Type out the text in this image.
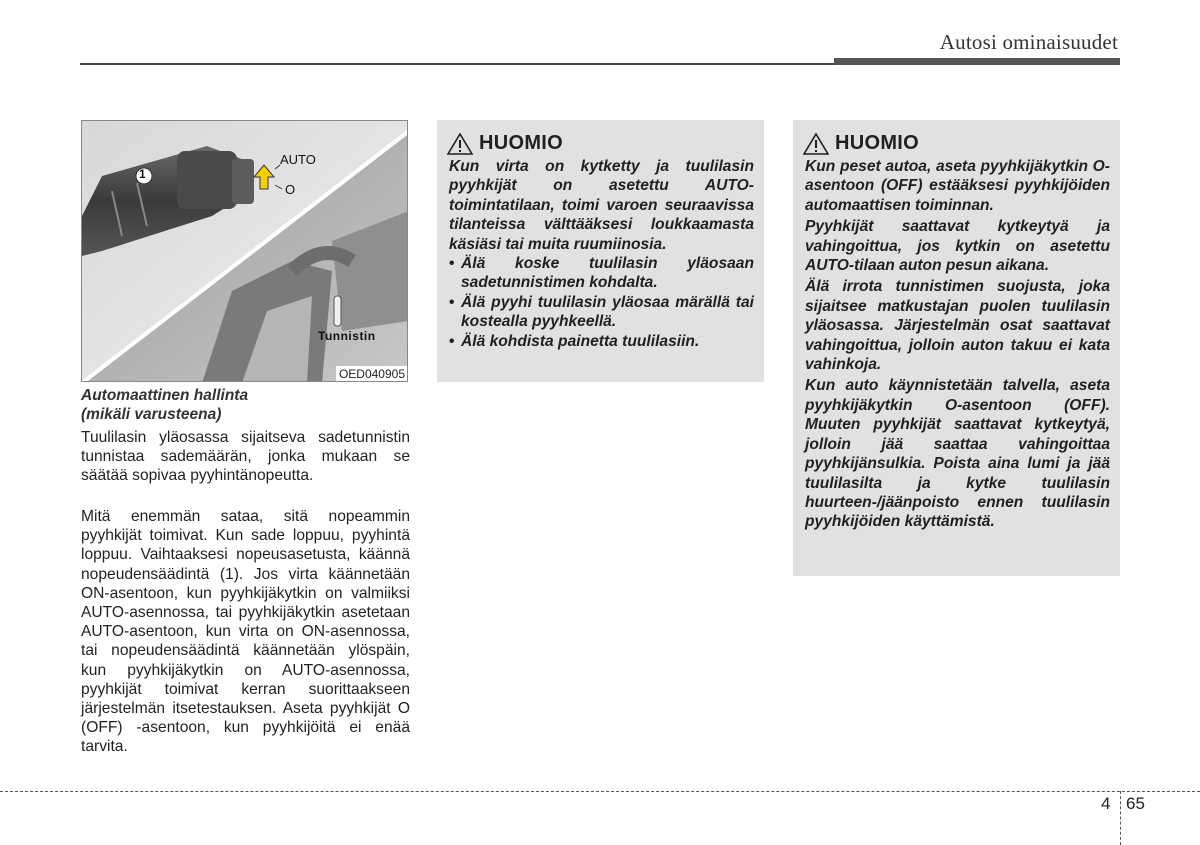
Autosi ominaisuudet
AUTO
O
1
Tunnistin
OED040905
Automaattinen hallinta
(mikäli varusteena)

Tuulilasin yläosassa sijaitseva sadetunnistin tunnistaa sademäärän, jonka mukaan se säätää sopivaa pyyhintänopeutta.

Mitä enemmän sataa, sitä nopeammin pyyhkijät toimivat. Kun sade loppuu, pyyhintä loppuu. Vaihtaaksesi nopeusasetusta, käännä nopeudensäädintä (1). Jos virta käännetään ON-asentoon, kun pyyhkijäkytkin on valmiiksi AUTO-asennossa, tai pyyhkijäkytkin asetetaan AUTO-asentoon, kun virta on ON-asennossa, tai nopeudensäädintä käännetään ylöspäin, kun pyyhkijäkytkin on AUTO-asennossa, pyyhkijät toimivat kerran suorittaakseen järjestelmän itsetestauksen. Aseta pyyhkijät O (OFF) -asentoon, kun pyyhkijöitä ei enää tarvita.

HUOMIO

Kun virta on kytketty ja tuulilasin pyyhkijät on asetettu AUTO-toimintatilaan, toimi varoen seuraavissa tilanteissa välttääksesi loukkaamasta käsiäsi tai muita ruumiinosia.

• Älä koske tuulilasin yläosaan sadetunnistimen kohdalta.
• Älä pyyhi tuulilasin yläosaa märällä tai kostealla pyyhkeellä.
• Älä kohdista painetta tuulilasiin.
HUOMIO

Kun peset autoa, aseta pyyhkijäkytkin O-asentoon (OFF) estääksesi pyyhkijöiden automaattisen toiminnan.

Pyyhkijät saattavat kytkeytyä ja vahingoittua, jos kytkin on asetettu AUTO-tilaan auton pesun aikana.

Älä irrota tunnistimen suojusta, joka sijaitsee matkustajan puolen tuulilasin yläosassa. Järjestelmän osat saattavat vahingoittua, jolloin auton takuu ei kata vahinkoja.

Kun auto käynnistetään talvella, aseta pyyhkijäkytkin O-asentoon (OFF). Muuten pyyhkijät saattavat kytkeytyä, jolloin jää saattaa vahingoittaa pyyhkijänsulkia. Poista aina lumi ja jää tuulilasilta ja kytke tuulilasin huurteen-/jäänpoisto ennen tuulilasin pyyhkijöiden käyttämistä.

4 65
